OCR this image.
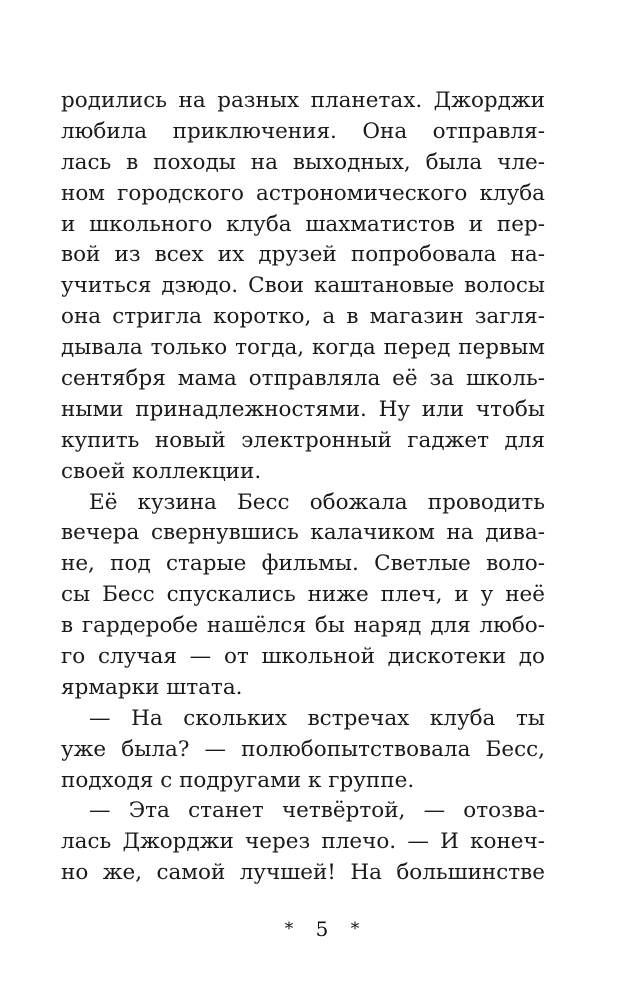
родились на разных планетах. Джорджи
любила приключения. Она отправля-
лась в походы на выходных, была чле-
ном городского астрономического клуба
и школьного клуба шахматистов и пер-
вой из всех их друзей попробовала на-
учиться дзюдо. Свои каштановые волосы
она стригла коротко, а в магазин загля-
дывала только тогда, когда перед первым
сентября мама отправляла её за школь-
ными принадлежностями. Ну или чтобы
купить новый электронный гаджет для
своей коллекции.
Её кузина Бесс обожала проводить
вечера свернувшись калачиком на дива-
не, под старые фильмы. Светлые воло-
сы Бесс спускались ниже плеч, и у неё
в гардеробе нашёлся бы наряд для любо-
го случая — от школьной дискотеки до
ярмарки штата.
— На скольких встречах клуба ты
уже была? — полюбопытствовала Бесс,
подходя с подругами к группе.
— Эта станет четвёртой, — отозва-
лась Джорджи через плечо. — И конеч-
но же, самой лучшей! На большинстве
* 5 *
